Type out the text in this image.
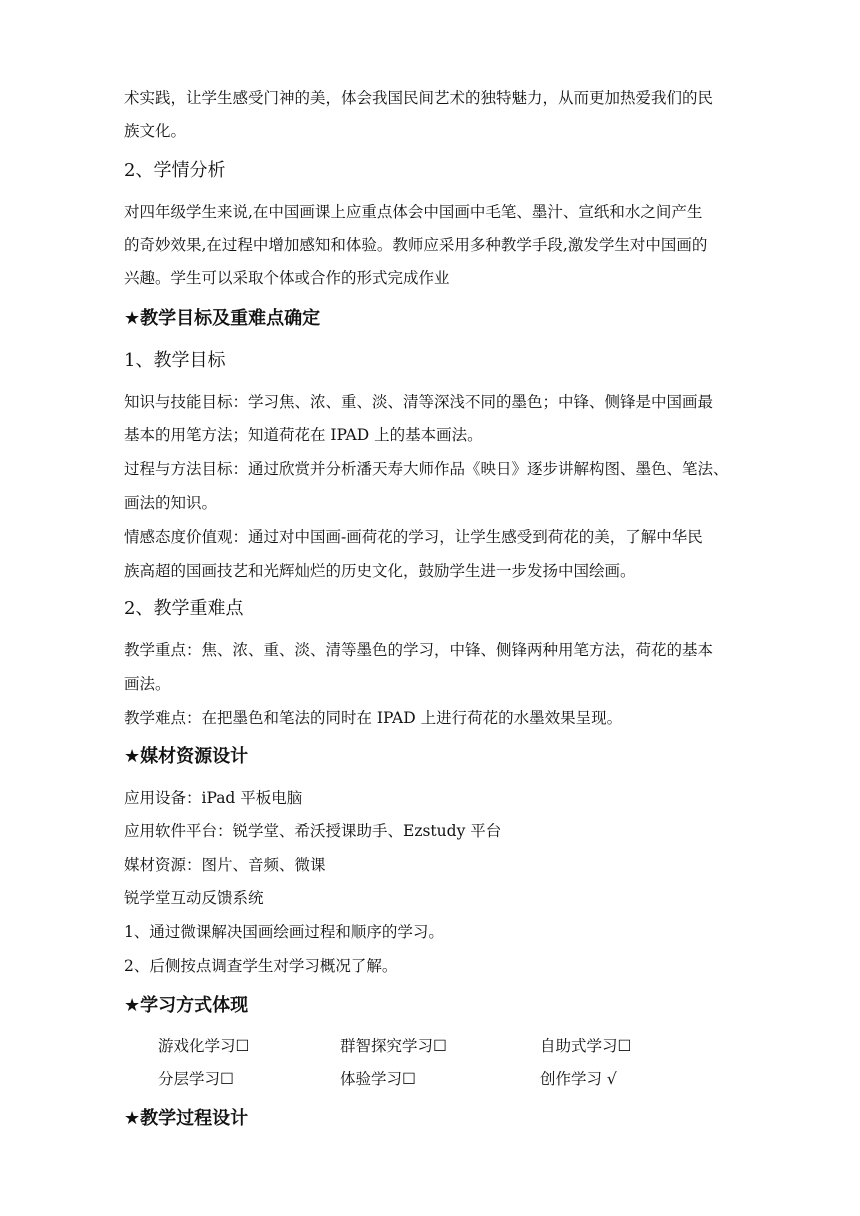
术实践，让学生感受门神的美，体会我国民间艺术的独特魅力，从而更加热爱我们的民
族文化。
2、学情分析
对四年级学生来说,在中国画课上应重点体会中国画中毛笔、墨汁、宣纸和水之间产生
的奇妙效果,在过程中增加感知和体验。教师应采用多种教学手段,激发学生对中国画的
兴趣。学生可以采取个体或合作的形式完成作业
★教学目标及重难点确定
1、教学目标
知识与技能目标：学习焦、浓、重、淡、清等深浅不同的墨色；中锋、侧锋是中国画最
基本的用笔方法；知道荷花在 IPAD 上的基本画法。
过程与方法目标：通过欣赏并分析潘天寿大师作品《映日》逐步讲解构图、墨色、笔法、
画法的知识。
情感态度价值观：通过对中国画-画荷花的学习，让学生感受到荷花的美，了解中华民
族高超的国画技艺和光辉灿烂的历史文化，鼓励学生进一步发扬中国绘画。
2、教学重难点
教学重点：焦、浓、重、淡、清等墨色的学习，中锋、侧锋两种用笔方法，荷花的基本
画法。
教学难点：在把墨色和笔法的同时在 IPAD 上进行荷花的水墨效果呈现。
★媒材资源设计
应用设备：iPad 平板电脑
应用软件平台：锐学堂、希沃授课助手、Ezstudy 平台
媒材资源：图片、音频、微课
锐学堂互动反馈系统
1、通过微课解决国画绘画过程和顺序的学习。
2、后侧按点调查学生对学习概况了解。
★学习方式体现
游戏化学习☐	群智探究学习☐	自助式学习☐
分层学习☐	体验学习☐	创作学习 √
★教学过程设计
